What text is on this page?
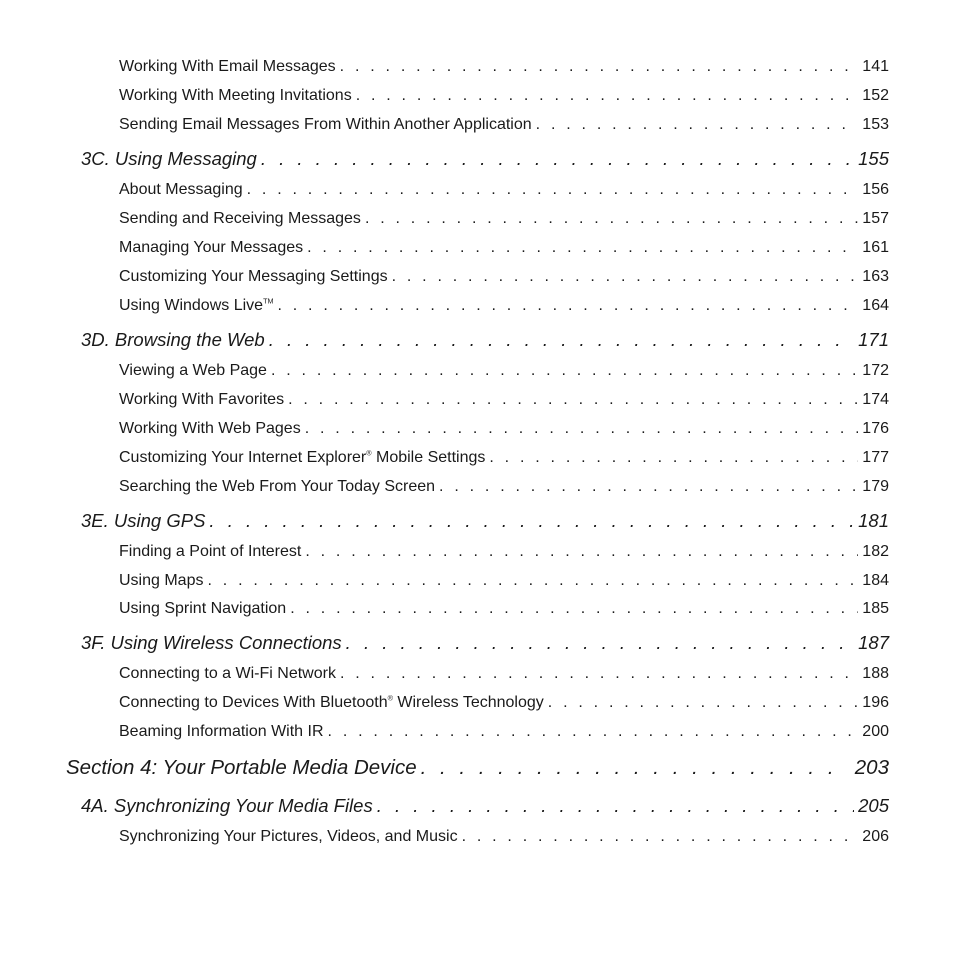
Working With Email Messages . . .	141
Working With Meeting Invitations . . .	152
Sending Email Messages From Within Another Application . . .	153
3C. Using Messaging . . .	155
About Messaging . . .	156
Sending and Receiving Messages . . .	157
Managing Your Messages . . .	161
Customizing Your Messaging Settings . . .	163
Using Windows Live™ . . .	164
3D. Browsing the Web . . .	171
Viewing a Web Page . . .	172
Working With Favorites . . .	174
Working With Web Pages . . .	176
Customizing Your Internet Explorer® Mobile Settings . . .	177
Searching the Web From Your Today Screen . . .	179
3E. Using GPS . . .	181
Finding a Point of Interest . . .	182
Using Maps . . .	184
Using Sprint Navigation . . .	185
3F. Using Wireless Connections . . .	187
Connecting to a Wi-Fi Network . . .	188
Connecting to Devices With Bluetooth® Wireless Technology . . .	196
Beaming Information With IR . . .	200
Section 4: Your Portable Media Device . . .	203
4A. Synchronizing Your Media Files . . .	205
Synchronizing Your Pictures, Videos, and Music . . .	206
